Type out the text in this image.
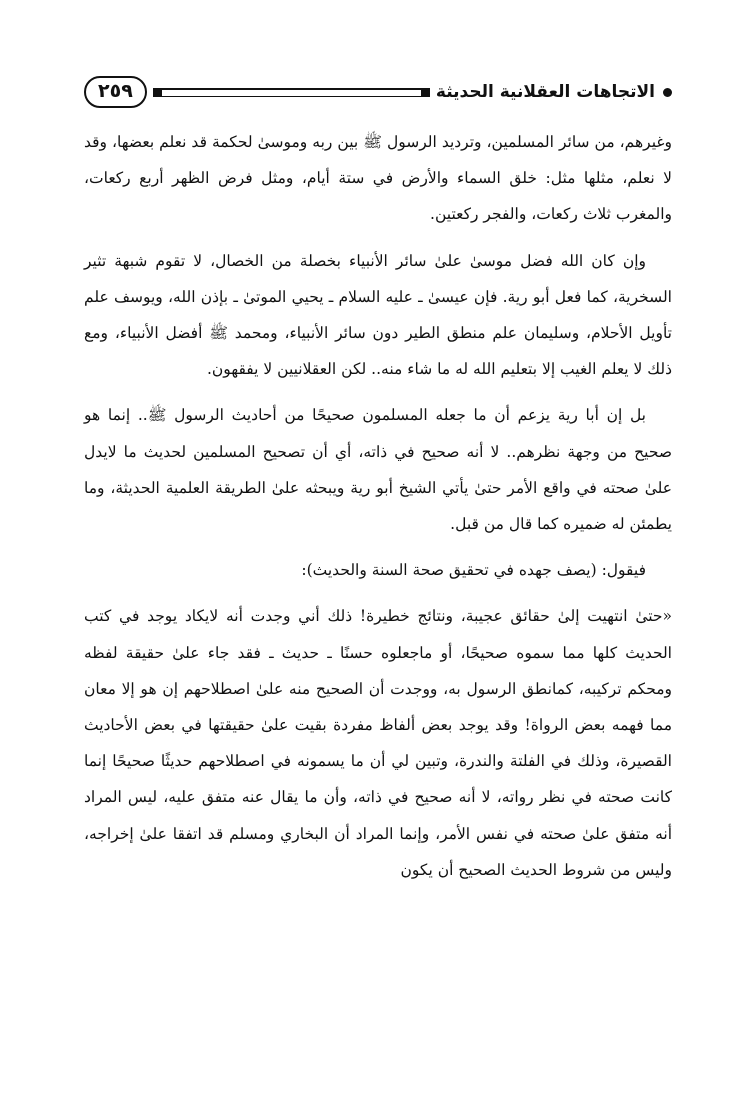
الاتجاهات العقلانية الحديثة
٢٥٩

وغيرهم، من سائر المسلمين، وترديد الرسول ﷺ بين ربه وموسىٰ لحكمة قد نعلم بعضها، وقد لا نعلم، مثلها مثل: خلق السماء والأرض في ستة أيام، ومثل فرض الظهر أربع ركعات، والمغرب ثلاث ركعات، والفجر ركعتين.

وإن كان الله فضل موسىٰ علىٰ سائر الأنبياء بخصلة من الخصال، لا تقوم شبهة تثير السخرية، كما فعل أبو رية. فإن عيسىٰ ـ عليه السلام ـ يحيي الموتىٰ ـ بإذن الله، ويوسف علم تأويل الأحلام، وسليمان علم منطق الطير دون سائر الأنبياء، ومحمد ﷺ أفضل الأنبياء، ومع ذلك لا يعلم الغيب إلا بتعليم الله له ما شاء منه.. لكن العقلانيين لا يفقهون.

بل إن أبا رية يزعم أن ما جعله المسلمون صحيحًا من أحاديث الرسول ﷺ.. إنما هو صحيح من وجهة نظرهم.. لا أنه صحيح في ذاته، أي أن تصحيح المسلمين لحديث ما لايدل علىٰ صحته في واقع الأمر حتىٰ يأتي الشيخ أبو رية ويبحثه علىٰ الطريقة العلمية الحديثة، وما يطمئن له ضميره كما قال من قبل.

فيقول: (يصف جهده في تحقيق صحة السنة والحديث):

«حتىٰ انتهيت إلىٰ حقائق عجيبة، ونتائج خطيرة! ذلك أني وجدت أنه لايكاد يوجد في كتب الحديث كلها مما سموه صحيحًا، أو ماجعلوه حسنًا ـ حديث ـ فقد جاء علىٰ حقيقة لفظه ومحكم تركيبه، كمانطق الرسول به، ووجدت أن الصحيح منه علىٰ اصطلاحهم إن هو إلا معان مما فهمه بعض الرواة! وقد يوجد بعض ألفاظ مفردة بقيت علىٰ حقيقتها في بعض الأحاديث القصيرة، وذلك في الفلتة والندرة، وتبين لي أن ما يسمونه في اصطلاحهم حديثًا صحيحًا إنما كانت صحته في نظر رواته، لا أنه صحيح في ذاته، وأن ما يقال عنه متفق عليه، ليس المراد أنه متفق علىٰ صحته في نفس الأمر، وإنما المراد أن البخاري ومسلم قد اتفقا علىٰ إخراجه، وليس من شروط الحديث الصحيح أن يكون
